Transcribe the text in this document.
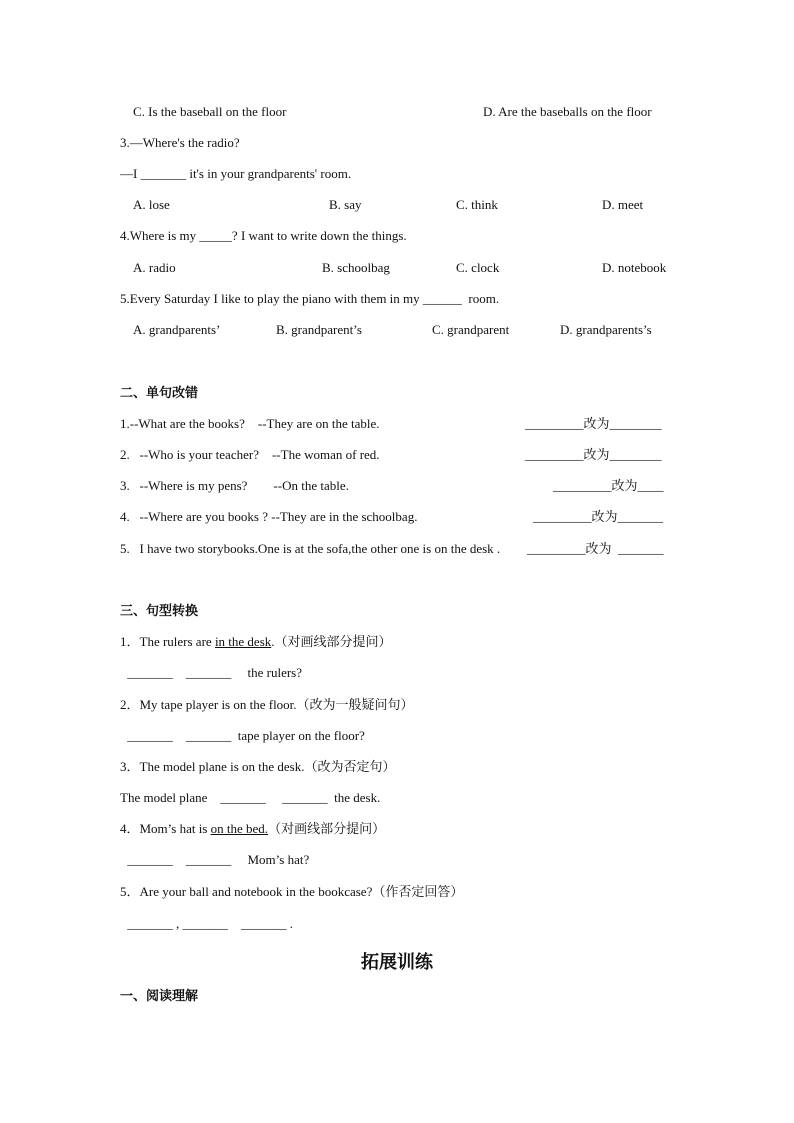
C. Is the baseball on the floor	D. Are the baseballs on the floor
3.—Where's the radio?
—I _______ it's in your grandparents' room.
A. lose	B. say	C. think	D. meet
4.Where is my _____? I want to write down the things.
A. radio	B. schoolbag	C. clock	D. notebook
5.Every Saturday I like to play the piano with them in my ______  room.
A. grandparents’	B. grandparent’s	C. grandparent	D. grandparents’s
二、单句改错
1.--What are the books?    --They are on the table.	_________改为________
2.   --Who is your teacher?    --The woman of red.	_________改为________
3.   --Where is my pens?        --On the table.	_________改为____
4.   --Where are you books ? --They are in the schoolbag.	_________改为_______
5.   I have two storybooks.One is at the sofa,the other one is on the desk . _________改为  _______
三、句型转换
1．The rulers are in the desk.（对画线部分提问）
_______    _______     the rulers?
2．My tape player is on the floor.（改为一般疑问句）
_______    _______  tape player on the floor?
3．The model plane is on the desk.（改为否定句）
The model plane    _______     _______  the desk.
4．Mom’s hat is on the bed.（对画线部分提问）
_______    _______     Mom’s hat?
5．Are your ball and notebook in the bookcase?（作否定回答）
_______ , _______    _______ .
拓展训练
一、阅读理解
